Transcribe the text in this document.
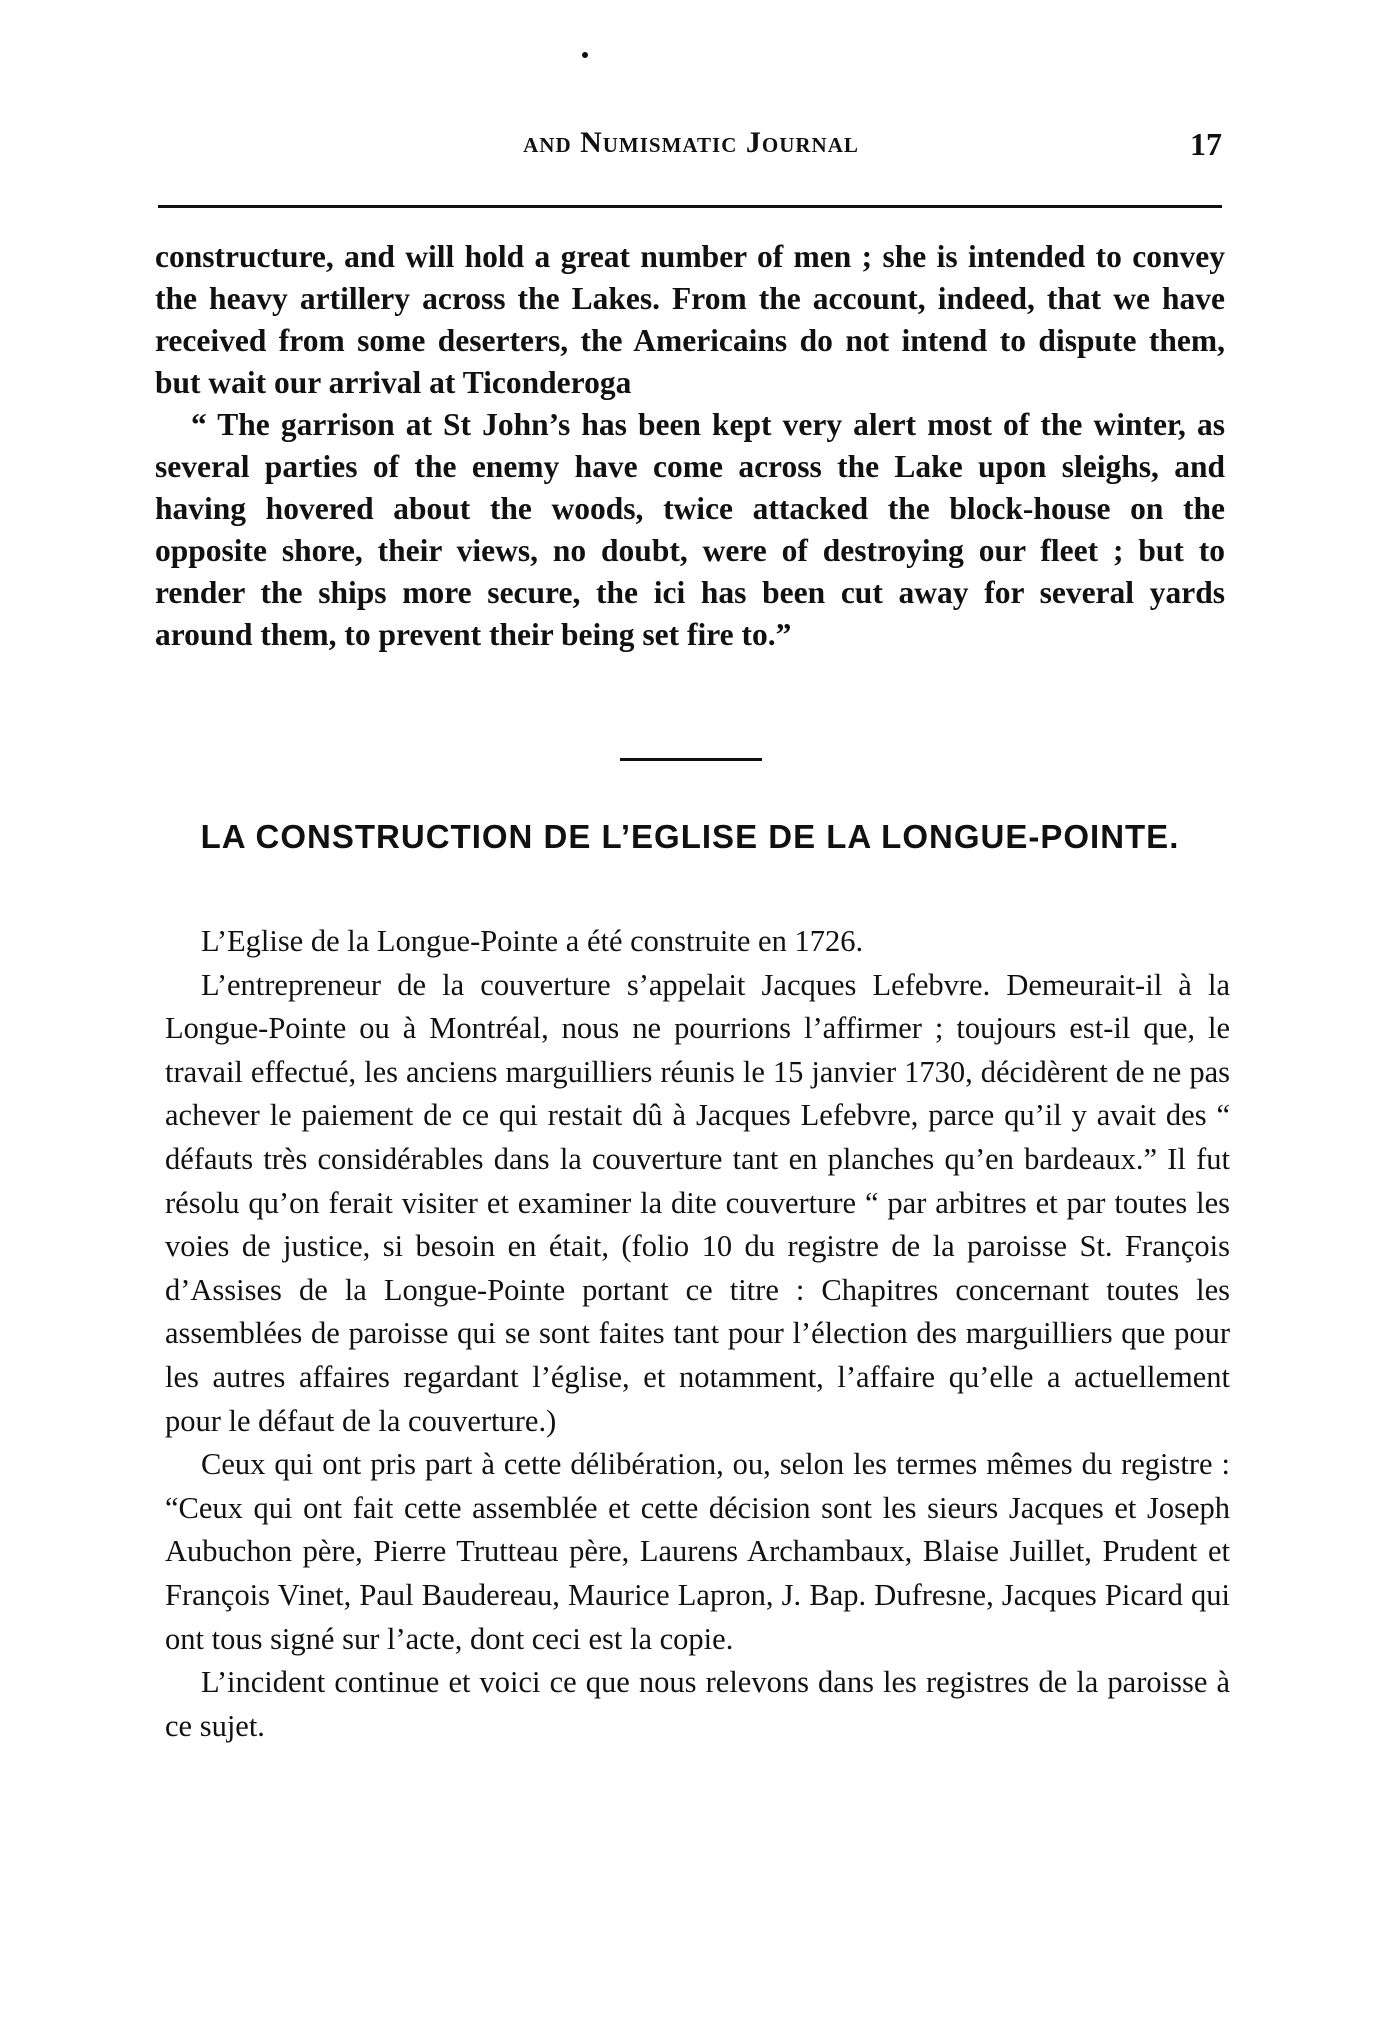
and Numismatic Journal	17

constructure, and will hold a great number of men ; she is intended to convey the heavy artillery across the Lakes. From the account, indeed, that we have received from some deserters, the Americains do not intend to dispute them, but wait our arrival at Ticonderoga

“ The garrison at St John’s has been kept very alert most of the winter, as several parties of the enemy have come across the Lake upon sleighs, and having hovered about the woods, twice attacked the block-house on the opposite shore, their views, no doubt, were of destroying our fleet ; but to render the ships more secure, the ici has been cut away for several yards around them, to prevent their being set fire to.”

LA CONSTRUCTION DE L’EGLISE DE LA LONGUE-POINTE.

L’Eglise de la Longue-Pointe a été construite en 1726.

L’entrepreneur de la couverture s’appelait Jacques Lefebvre. Demeurait-il à la Longue-Pointe ou à Montréal, nous ne pourrions l’affirmer ; toujours est-il que, le travail effectué, les anciens marguilliers réunis le 15 janvier 1730, décidèrent de ne pas achever le paiement de ce qui restait dû à Jacques Lefebvre, parce qu’il y avait des “ défauts très considérables dans la couverture tant en planches qu’en bardeaux.” Il fut résolu qu’on ferait visiter et examiner la dite couverture “ par arbitres et par toutes les voies de justice, si besoin en était, (folio 10 du registre de la paroisse St. François d’Assises de la Longue-Pointe portant ce titre : Chapitres concernant toutes les assemblées de paroisse qui se sont faites tant pour l’élection des marguilliers que pour les autres affaires regardant l’église, et notamment, l’affaire qu’elle a actuellement pour le défaut de la couverture.)

Ceux qui ont pris part à cette délibération, ou, selon les termes mêmes du registre : “Ceux qui ont fait cette assemblée et cette décision sont les sieurs Jacques et Joseph Aubuchon père, Pierre Trutteau père, Laurens Archambaux, Blaise Juillet, Prudent et François Vinet, Paul Baudereau, Maurice Lapron, J. Bap. Dufresne, Jacques Picard qui ont tous signé sur l’acte, dont ceci est la copie.

L’incident continue et voici ce que nous relevons dans les registres de la paroisse à ce sujet.
